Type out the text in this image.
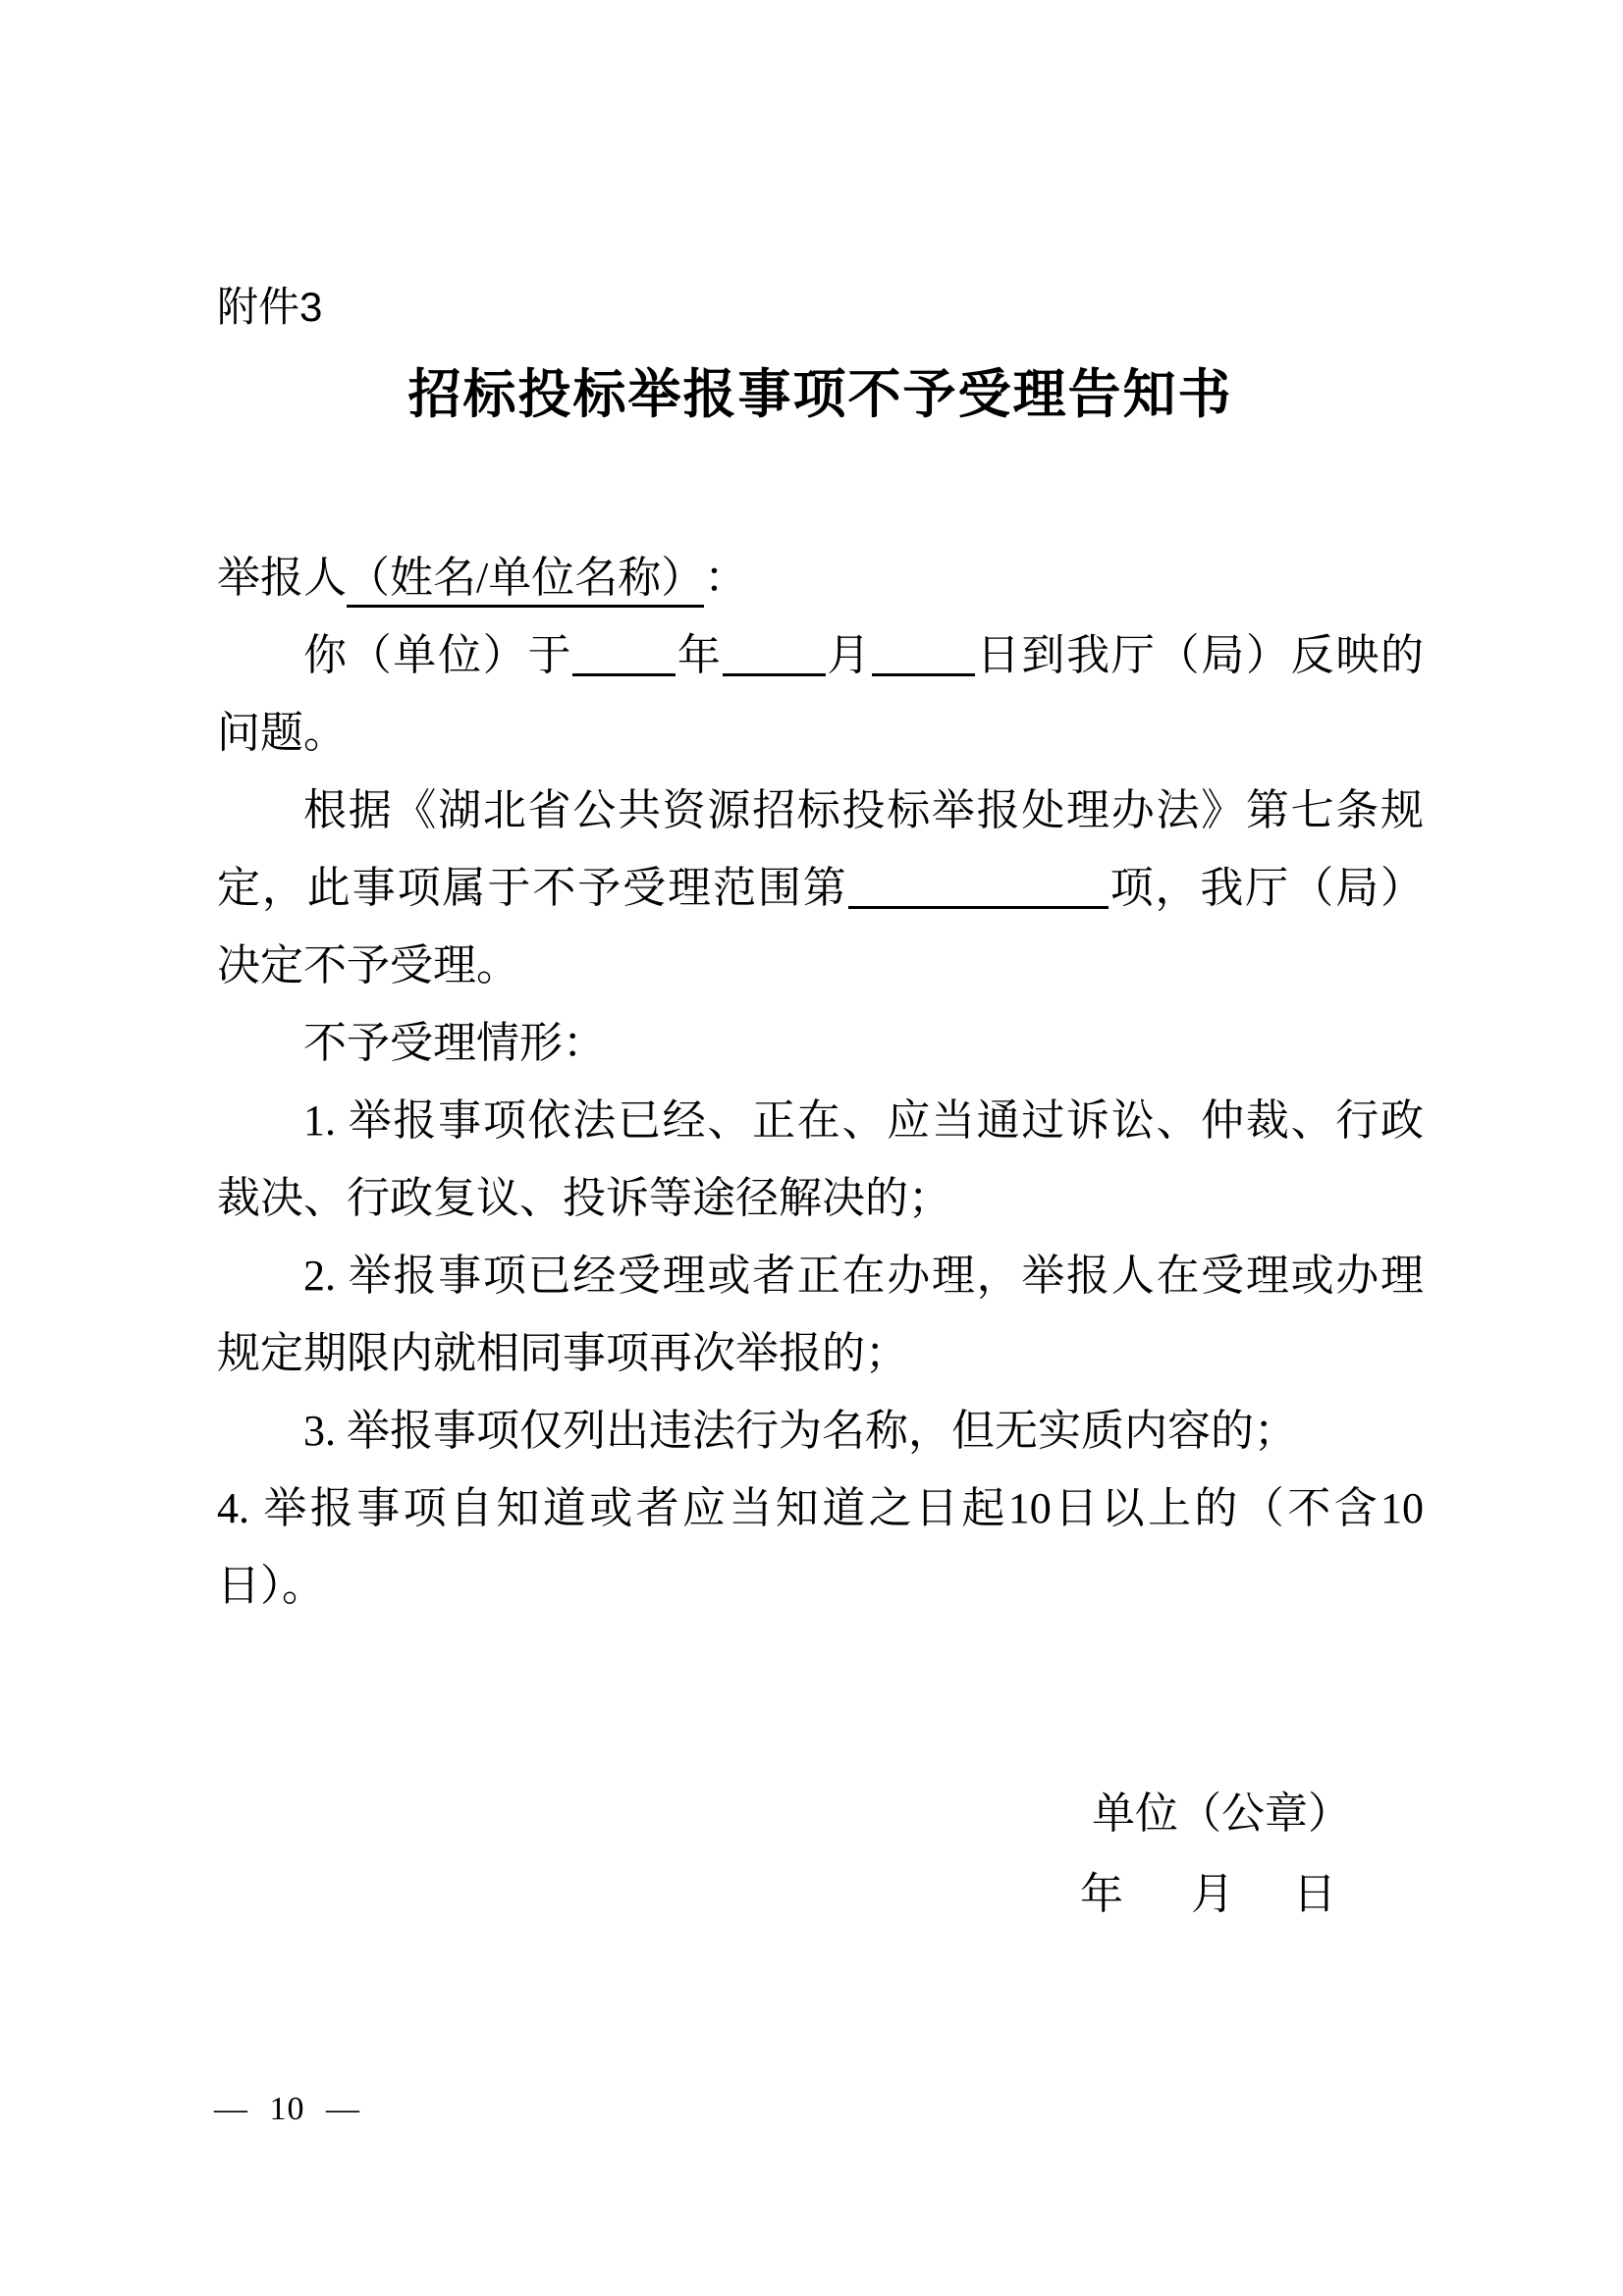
附件3
招标投标举报事项不予受理告知书

举报人（姓名/单位名称） ：

你（单位）于 年 月 日到我厅（局）反映的问题。

根据《湖北省公共资源招标投标举报处理办法》第七条规定，此事项属于不予受理范围第	项，我厅（局）决定不予受理。

不予受理情形：

1. 举报事项依法已经、正在、应当通过诉讼、仲裁、行政裁决、行政复议、投诉等途径解决的；

2. 举报事项已经受理或者正在办理，举报人在受理或办理规定期限内就相同事项再次举报的；

3. 举报事项仅列出违法行为名称，但无实质内容的；

4. 举报事项自知道或者应当知道之日起10日以上的（不含10日）。

单位（公章）
年 月 日
— 10 —
